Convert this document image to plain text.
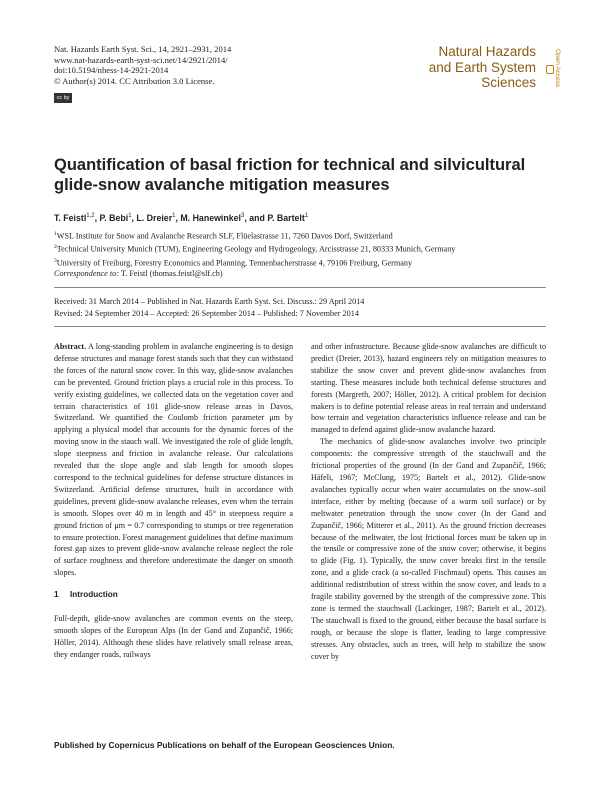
Nat. Hazards Earth Syst. Sci., 14, 2921–2931, 2014
www.nat-hazards-earth-syst-sci.net/14/2921/2014/
doi:10.5194/nhess-14-2921-2014
© Author(s) 2014. CC Attribution 3.0 License.
cc by
Natural Hazards
and Earth System
Sciences	Open Access

Quantification of basal friction for technical and silvicultural
glide-snow avalanche mitigation measures
T. Feistl$^{1,2}$, P. Bebi$^1$, L. Dreier$^1$, M. Hanewinkel$^3$, and P. Bartelt$^1$
$^1$WSL Institute for Snow and Avalanche Research SLF, Flüelastrasse 11, 7260 Davos Dorf, Switzerland
$^2$Technical University Munich (TUM), Engineering Geology and Hydrogeology, Arcisstrasse 21, 80333 Munich, Germany
$^3$University of Freiburg, Forestry Economics and Planning, Tennenbacherstrasse 4, 79106 Freiburg, Germany
Correspondence to: T. Feistl (thomas.feistl@slf.ch)
Received: 31 March 2014 – Published in Nat. Hazards Earth Syst. Sci. Discuss.: 29 April 2014
Revised: 24 September 2014 – Accepted: 26 September 2014 – Published: 7 November 2014

Abstract. A long-standing problem in avalanche engineering is to design defense structures and manage forest stands such that they can withstand the forces of the natural snow cover. In this way, glide-snow avalanches can be prevented. Ground friction plays a crucial role in this process. To verify existing guidelines, we collected data on the vegetation cover and terrain characteristics of 101 glide-snow release areas in Davos, Switzerland. We quantified the Coulomb friction parameter μm by applying a physical model that accounts for the dynamic forces of the moving snow in the stauch wall. We investigated the role of glide length, slope steepness and friction in avalanche release. Our calculations revealed that the slope angle and slab length for smooth slopes correspond to the technical guidelines for defense structure distances in Switzerland. Artificial defense structures, built in accordance with guidelines, prevent glide-snow avalanche releases, even when the terrain is smooth. Slopes over 40 m in length and 45° in steepness require a ground friction of μm = 0.7 corresponding to stumps or tree regeneration to ensure protection. Forest management guidelines that define maximum forest gap sizes to prevent glide-snow avalanche release neglect the role of surface roughness and therefore underestimate the danger on smooth slopes.

1 Introduction

Full-depth, glide-snow avalanches are common events on the steep, smooth slopes of the European Alps (In der Gand and Zupančič, 1966; Höller, 2014). Although these slides have relatively small release areas, they endanger roads, railways

and other infrastructure. Because glide-snow avalanches are difficult to predict (Dreier, 2013), hazard engineers rely on mitigation measures to stabilize the snow cover and prevent glide-snow avalanches from starting. These measures include both technical defense structures and forests (Margreth, 2007; Höller, 2012). A critical problem for decision makers is to define potential release areas in real terrain and understand how terrain and vegetation characteristics influence release and can be managed to defend against glide-snow avalanche hazard.

The mechanics of glide-snow avalanches involve two principle components: the compressive strength of the stauchwall and the frictional properties of the ground (In der Gand and Zupančič, 1966; Häfeli, 1967; McClung, 1975; Bartelt et al., 2012). Glide-snow avalanches typically occur when water accumulates on the snow–soil interface, either by melting (because of a warm soil surface) or by meltwater penetration through the snow cover (In der Gand and Zupančič, 1966; Mitterer et al., 2011). As the ground friction decreases because of the meltwater, the lost frictional forces must be taken up in the tensile or compressive zone of the snow cover; otherwise, it begins to glide (Fig. 1). Typically, the snow cover breaks first in the tensile zone, and a glide crack (a so-called Fischmaul) opens. This causes an additional redistribution of stress within the snow cover, and leads to a fragile stability governed by the strength of the compressive zone. This zone is termed the stauchwall (Lackinger, 1987; Bartelt et al., 2012). The stauchwall is fixed to the ground, either because the basal surface is rough, or because the slope is flatter, leading to large compressive stresses. Any obstacles, such as trees, will help to stabilize the snow cover by

Published by Copernicus Publications on behalf of the European Geosciences Union.
